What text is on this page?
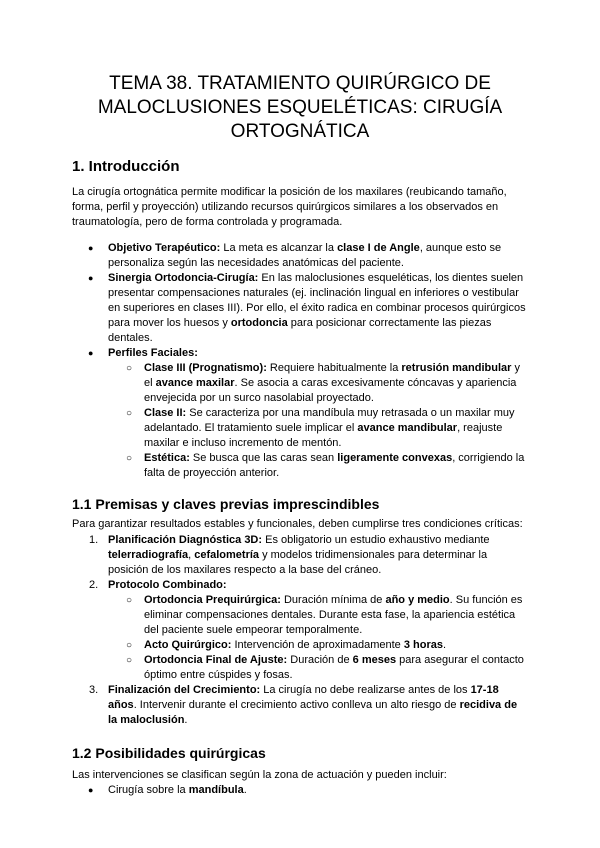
TEMA 38. TRATAMIENTO QUIRÚRGICO DE
MALOCLUSIONES ESQUELÉTICAS: CIRUGÍA
ORTOGNÁTICA
1. Introducción

La cirugía ortognática permite modificar la posición de los maxilares (reubicando tamaño, forma, perfil y proyección) utilizando recursos quirúrgicos similares a los observados en traumatología, pero de forma controlada y programada.

● Objetivo Terapéutico: La meta es alcanzar la clase I de Angle, aunque esto se personaliza según las necesidades anatómicas del paciente.
● Sinergia Ortodoncia-Cirugía: En las maloclusiones esqueléticas, los dientes suelen presentar compensaciones naturales (ej. inclinación lingual en inferiores o vestibular en superiores en clases III). Por ello, el éxito radica en combinar procesos quirúrgicos para mover los huesos y ortodoncia para posicionar correctamente las piezas dentales.
● Perfiles Faciales:
○ Clase III (Prognatismo): Requiere habitualmente la retrusión mandibular y el avance maxilar. Se asocia a caras excesivamente cóncavas y apariencia envejecida por un surco nasolabial proyectado.
○ Clase II: Se caracteriza por una mandíbula muy retrasada o un maxilar muy adelantado. El tratamiento suele implicar el avance mandibular, reajuste maxilar e incluso incremento de mentón.
○ Estética: Se busca que las caras sean ligeramente convexas, corrigiendo la falta de proyección anterior.
1.1 Premisas y claves previas imprescindibles

Para garantizar resultados estables y funcionales, deben cumplirse tres condiciones críticas:

1. Planificación Diagnóstica 3D: Es obligatorio un estudio exhaustivo mediante telerradiografía, cefalometría y modelos tridimensionales para determinar la posición de los maxilares respecto a la base del cráneo.
2. Protocolo Combinado:
○ Ortodoncia Prequirúrgica: Duración mínima de año y medio. Su función es eliminar compensaciones dentales. Durante esta fase, la apariencia estética del paciente suele empeorar temporalmente.
○ Acto Quirúrgico: Intervención de aproximadamente 3 horas.
○ Ortodoncia Final de Ajuste: Duración de 6 meses para asegurar el contacto óptimo entre cúspides y fosas.
3. Finalización del Crecimiento: La cirugía no debe realizarse antes de los 17-18 años. Intervenir durante el crecimiento activo conlleva un alto riesgo de recidiva de la maloclusión.
1.2 Posibilidades quirúrgicas

Las intervenciones se clasifican según la zona de actuación y pueden incluir:

● Cirugía sobre la mandíbula.
